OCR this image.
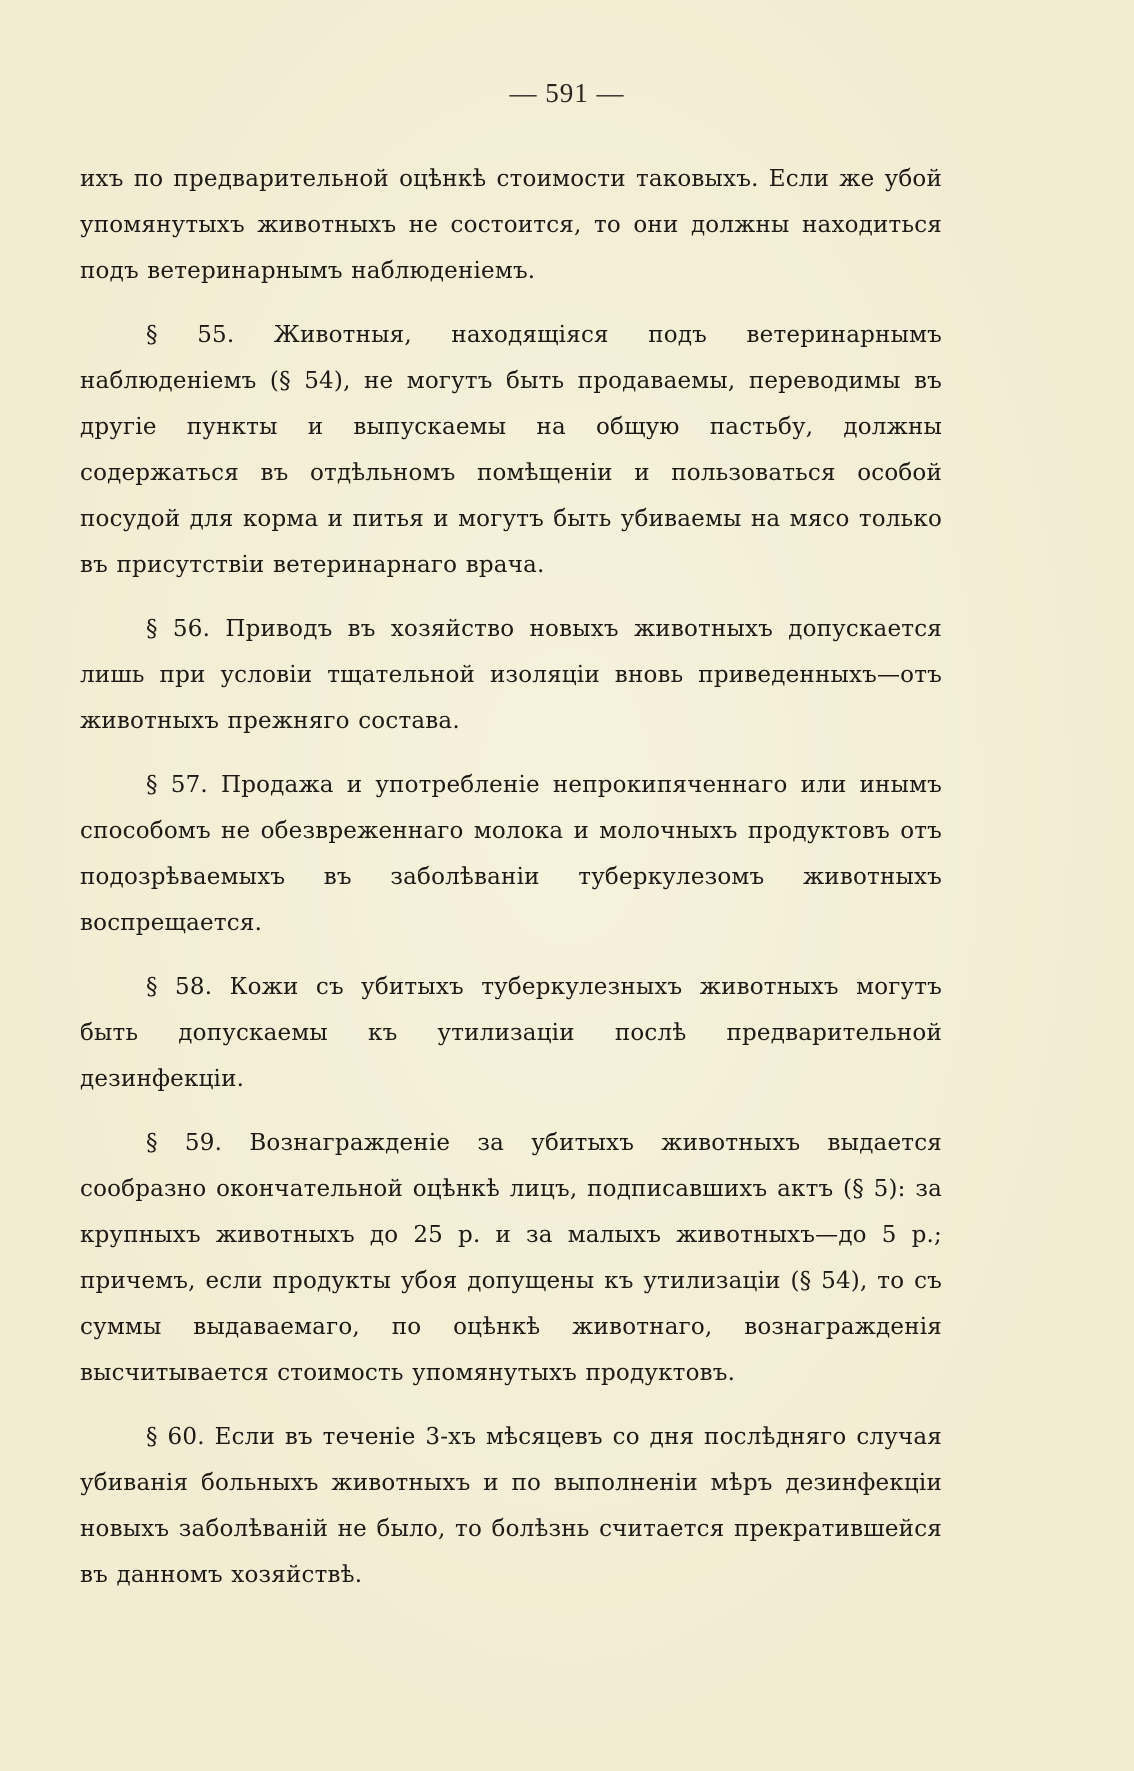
— 591 —

ихъ по предварительной оцѣнкѣ стоимости таковыхъ. Если же убой упомянутыхъ животныхъ не состоится, то они должны находиться подъ ветеринарнымъ наблюденіемъ.

§ 55. Животныя, находящіяся подъ ветеринарнымъ наблюденіемъ (§ 54), не могутъ быть продаваемы, переводимы въ другіе пункты и выпускаемы на общую пастьбу, должны содержаться въ отдѣльномъ помѣщеніи и пользоваться особой посудой для корма и питья и могутъ быть убиваемы на мясо только въ присутствіи ветеринарнаго врача.

§ 56. Приводъ въ хозяйство новыхъ животныхъ допускается лишь при условіи тщательной изоляціи вновь приведенныхъ—отъ животныхъ прежняго состава.

§ 57. Продажа и употребленіе непрокипяченнаго или инымъ способомъ не обезвреженнаго молока и молочныхъ продуктовъ отъ подозрѣваемыхъ въ заболѣваніи туберкулезомъ животныхъ воспрещается.

§ 58. Кожи съ убитыхъ туберкулезныхъ животныхъ могутъ быть допускаемы къ утилизаціи послѣ предварительной дезинфекціи.

§ 59. Вознагражденіе за убитыхъ животныхъ выдается сообразно окончательной оцѣнкѣ лицъ, подписавшихъ актъ (§ 5): за крупныхъ животныхъ до 25 р. и за малыхъ животныхъ—до 5 р.; причемъ, если продукты убоя допущены къ утилизаціи (§ 54), то съ суммы выдаваемаго, по оцѣнкѣ животнаго, вознагражденія высчитывается стоимость упомянутыхъ продуктовъ.

§ 60. Если въ теченіе 3-хъ мѣсяцевъ со дня послѣдняго случая убиванія больныхъ животныхъ и по выполненіи мѣръ дезинфекціи новыхъ заболѣваній не было, то болѣзнь считается прекратившейся въ данномъ хозяйствѣ.
